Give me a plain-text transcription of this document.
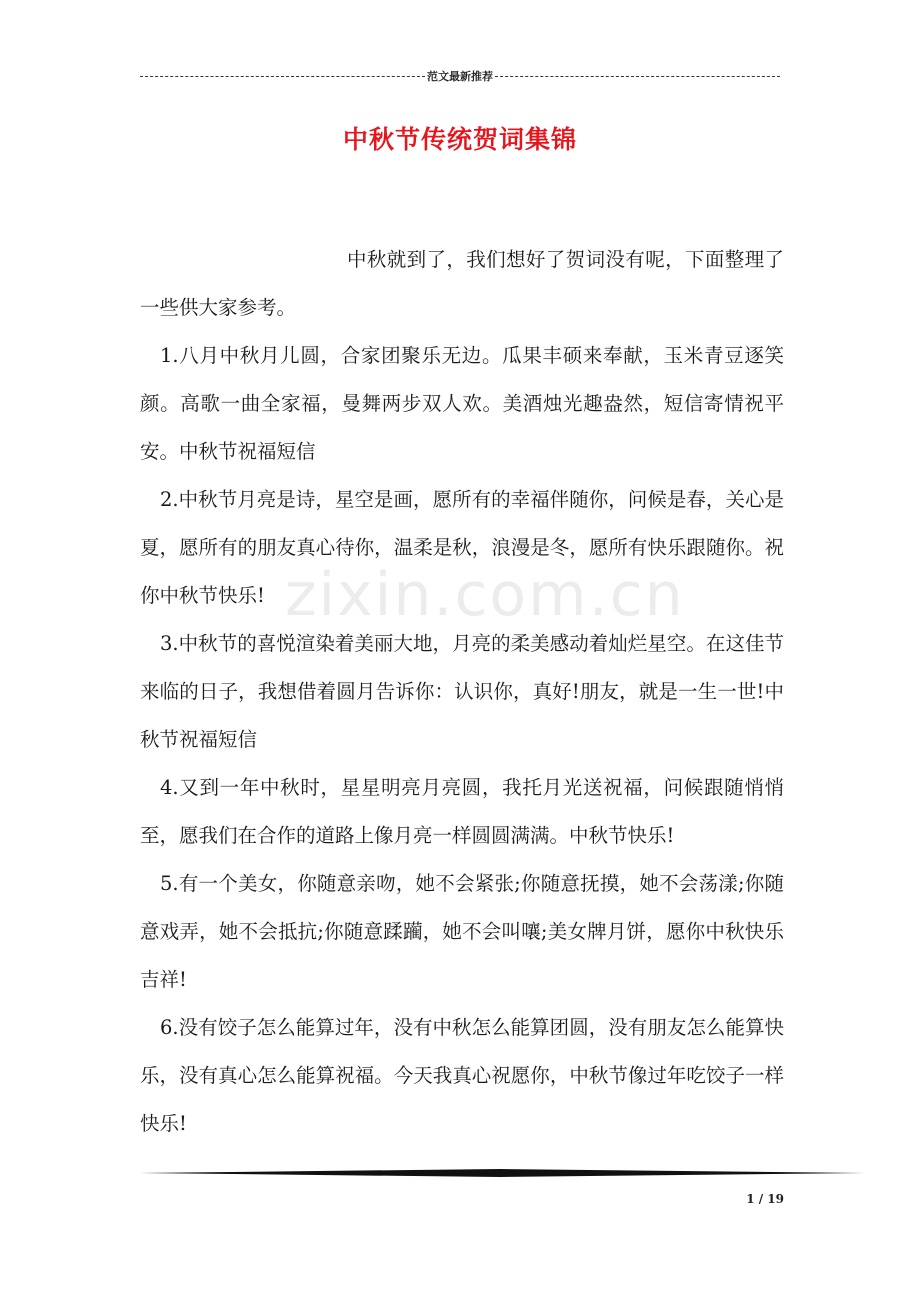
范文最新推荐
中秋节传统贺词集锦
zixin.com.cn

中秋就到了，我们想好了贺词没有呢，下面整理了一些供大家参考。

1.八月中秋月儿圆，合家团聚乐无边。瓜果丰硕来奉献，玉米青豆逐笑颜。高歌一曲全家福，曼舞两步双人欢。美酒烛光趣盎然，短信寄情祝平安。中秋节祝福短信

2.中秋节月亮是诗，星空是画，愿所有的幸福伴随你，问候是春，关心是夏，愿所有的朋友真心待你，温柔是秋，浪漫是冬，愿所有快乐跟随你。祝你中秋节快乐!

3.中秋节的喜悦渲染着美丽大地，月亮的柔美感动着灿烂星空。在这佳节来临的日子，我想借着圆月告诉你：认识你，真好!朋友，就是一生一世!中秋节祝福短信

4.又到一年中秋时，星星明亮月亮圆，我托月光送祝福，问候跟随悄悄至，愿我们在合作的道路上像月亮一样圆圆满满。中秋节快乐!

5.有一个美女，你随意亲吻，她不会紧张;你随意抚摸，她不会荡漾;你随意戏弄，她不会抵抗;你随意蹂躏，她不会叫嚷;美女牌月饼，愿你中秋快乐吉祥!

6.没有饺子怎么能算过年，没有中秋怎么能算团圆，没有朋友怎么能算快乐，没有真心怎么能算祝福。今天我真心祝愿你，中秋节像过年吃饺子一样快乐!

1 / 19
